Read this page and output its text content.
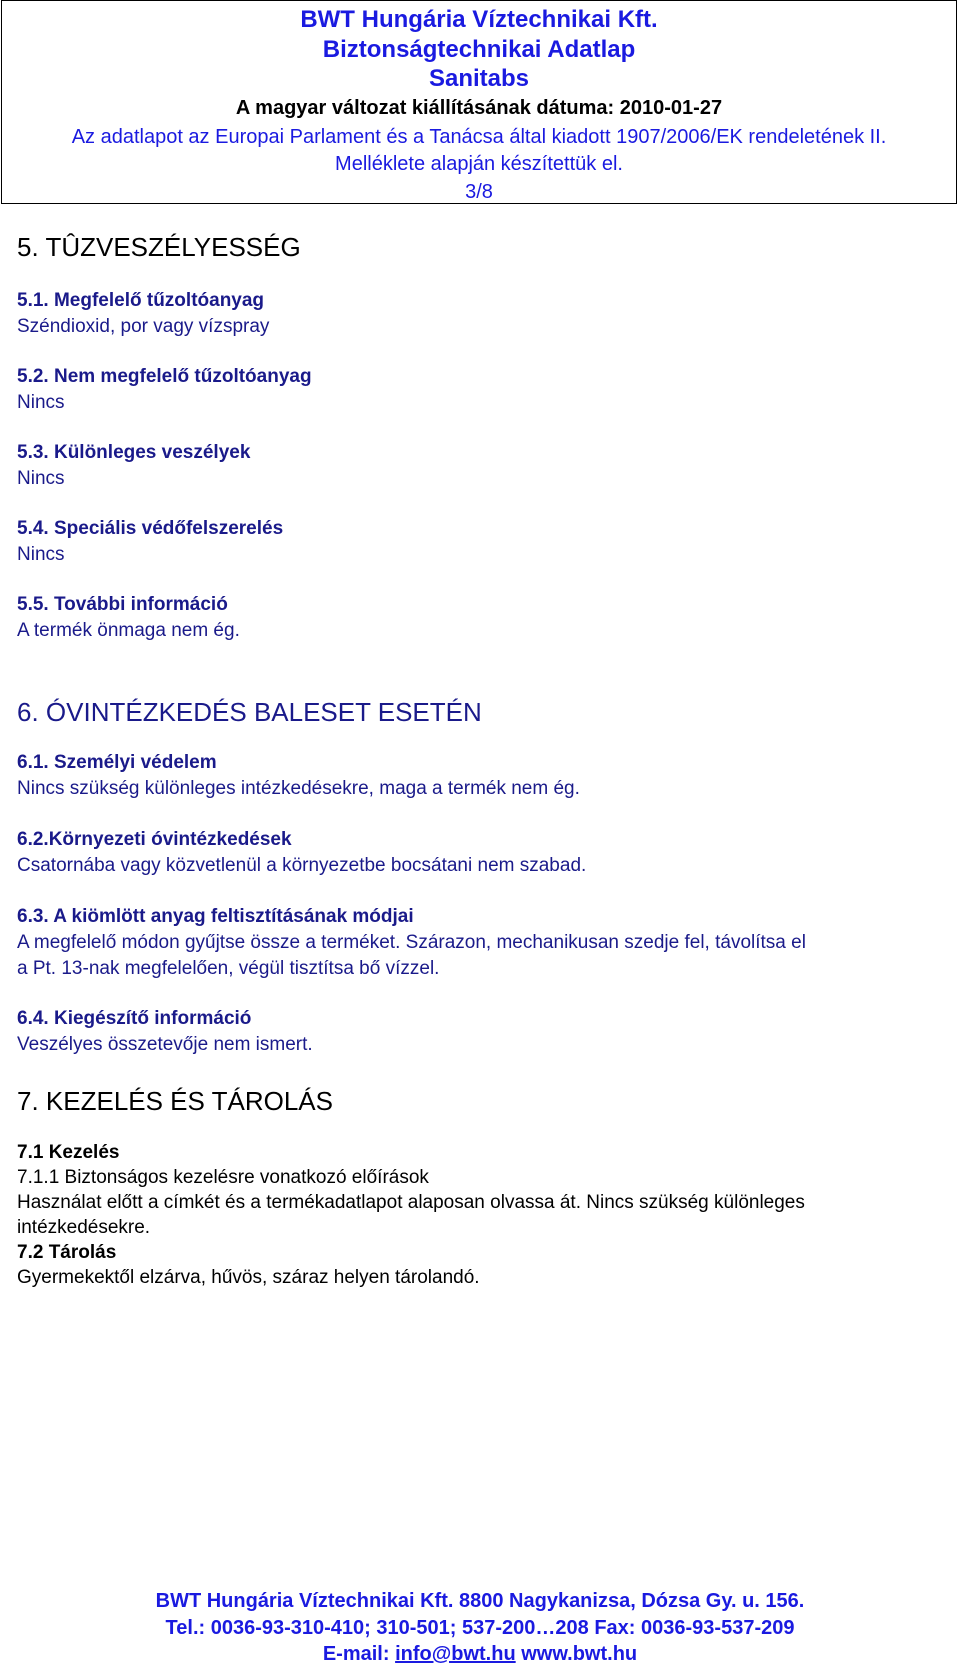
BWT Hungária Víztechnikai Kft.
Biztonságtechnikai Adatlap
Sanitabs
A magyar változat kiállításának dátuma: 2010-01-27
Az adatlapot az Europai Parlament és a Tanácsa által kiadott 1907/2006/EK rendeletének II.
Melléklete alapján készítettük el.
3/8
5. TÛZVESZÉLYESSÉG
5.1. Megfelelő tűzoltóanyag
Széndioxid, por vagy vízspray
5.2. Nem megfelelő tűzoltóanyag
Nincs
5.3. Különleges veszélyek
Nincs
5.4. Speciális védőfelszerelés
Nincs
5.5. További információ
A termék önmaga nem ég.
6. ÓVINTÉZKEDÉS BALESET ESETÉN
6.1. Személyi védelem
Nincs szükség különleges intézkedésekre, maga a termék nem ég.
6.2.Környezeti óvintézkedések
Csatornába vagy közvetlenül a környezetbe bocsátani nem szabad.
6.3. A kiömlött anyag feltisztításának módjai
A megfelelő módon gyűjtse össze a terméket. Szárazon, mechanikusan szedje fel, távolítsa el
a Pt. 13-nak megfelelően, végül tisztítsa bő vízzel.
6.4. Kiegészítő információ
Veszélyes összetevője nem ismert.
7. KEZELÉS ÉS TÁROLÁS
7.1 Kezelés
7.1.1 Biztonságos kezelésre vonatkozó előírások
Használat előtt a címkét és a termékadatlapot alaposan olvassa át. Nincs szükség különleges
intézkedésekre.
7.2 Tárolás
Gyermekektől elzárva, hűvös, száraz helyen tárolandó.
BWT Hungária Víztechnikai Kft. 8800 Nagykanizsa, Dózsa Gy. u. 156.
Tel.: 0036-93-310-410; 310-501; 537-200…208 Fax: 0036-93-537-209
E-mail: info@bwt.hu www.bwt.hu
